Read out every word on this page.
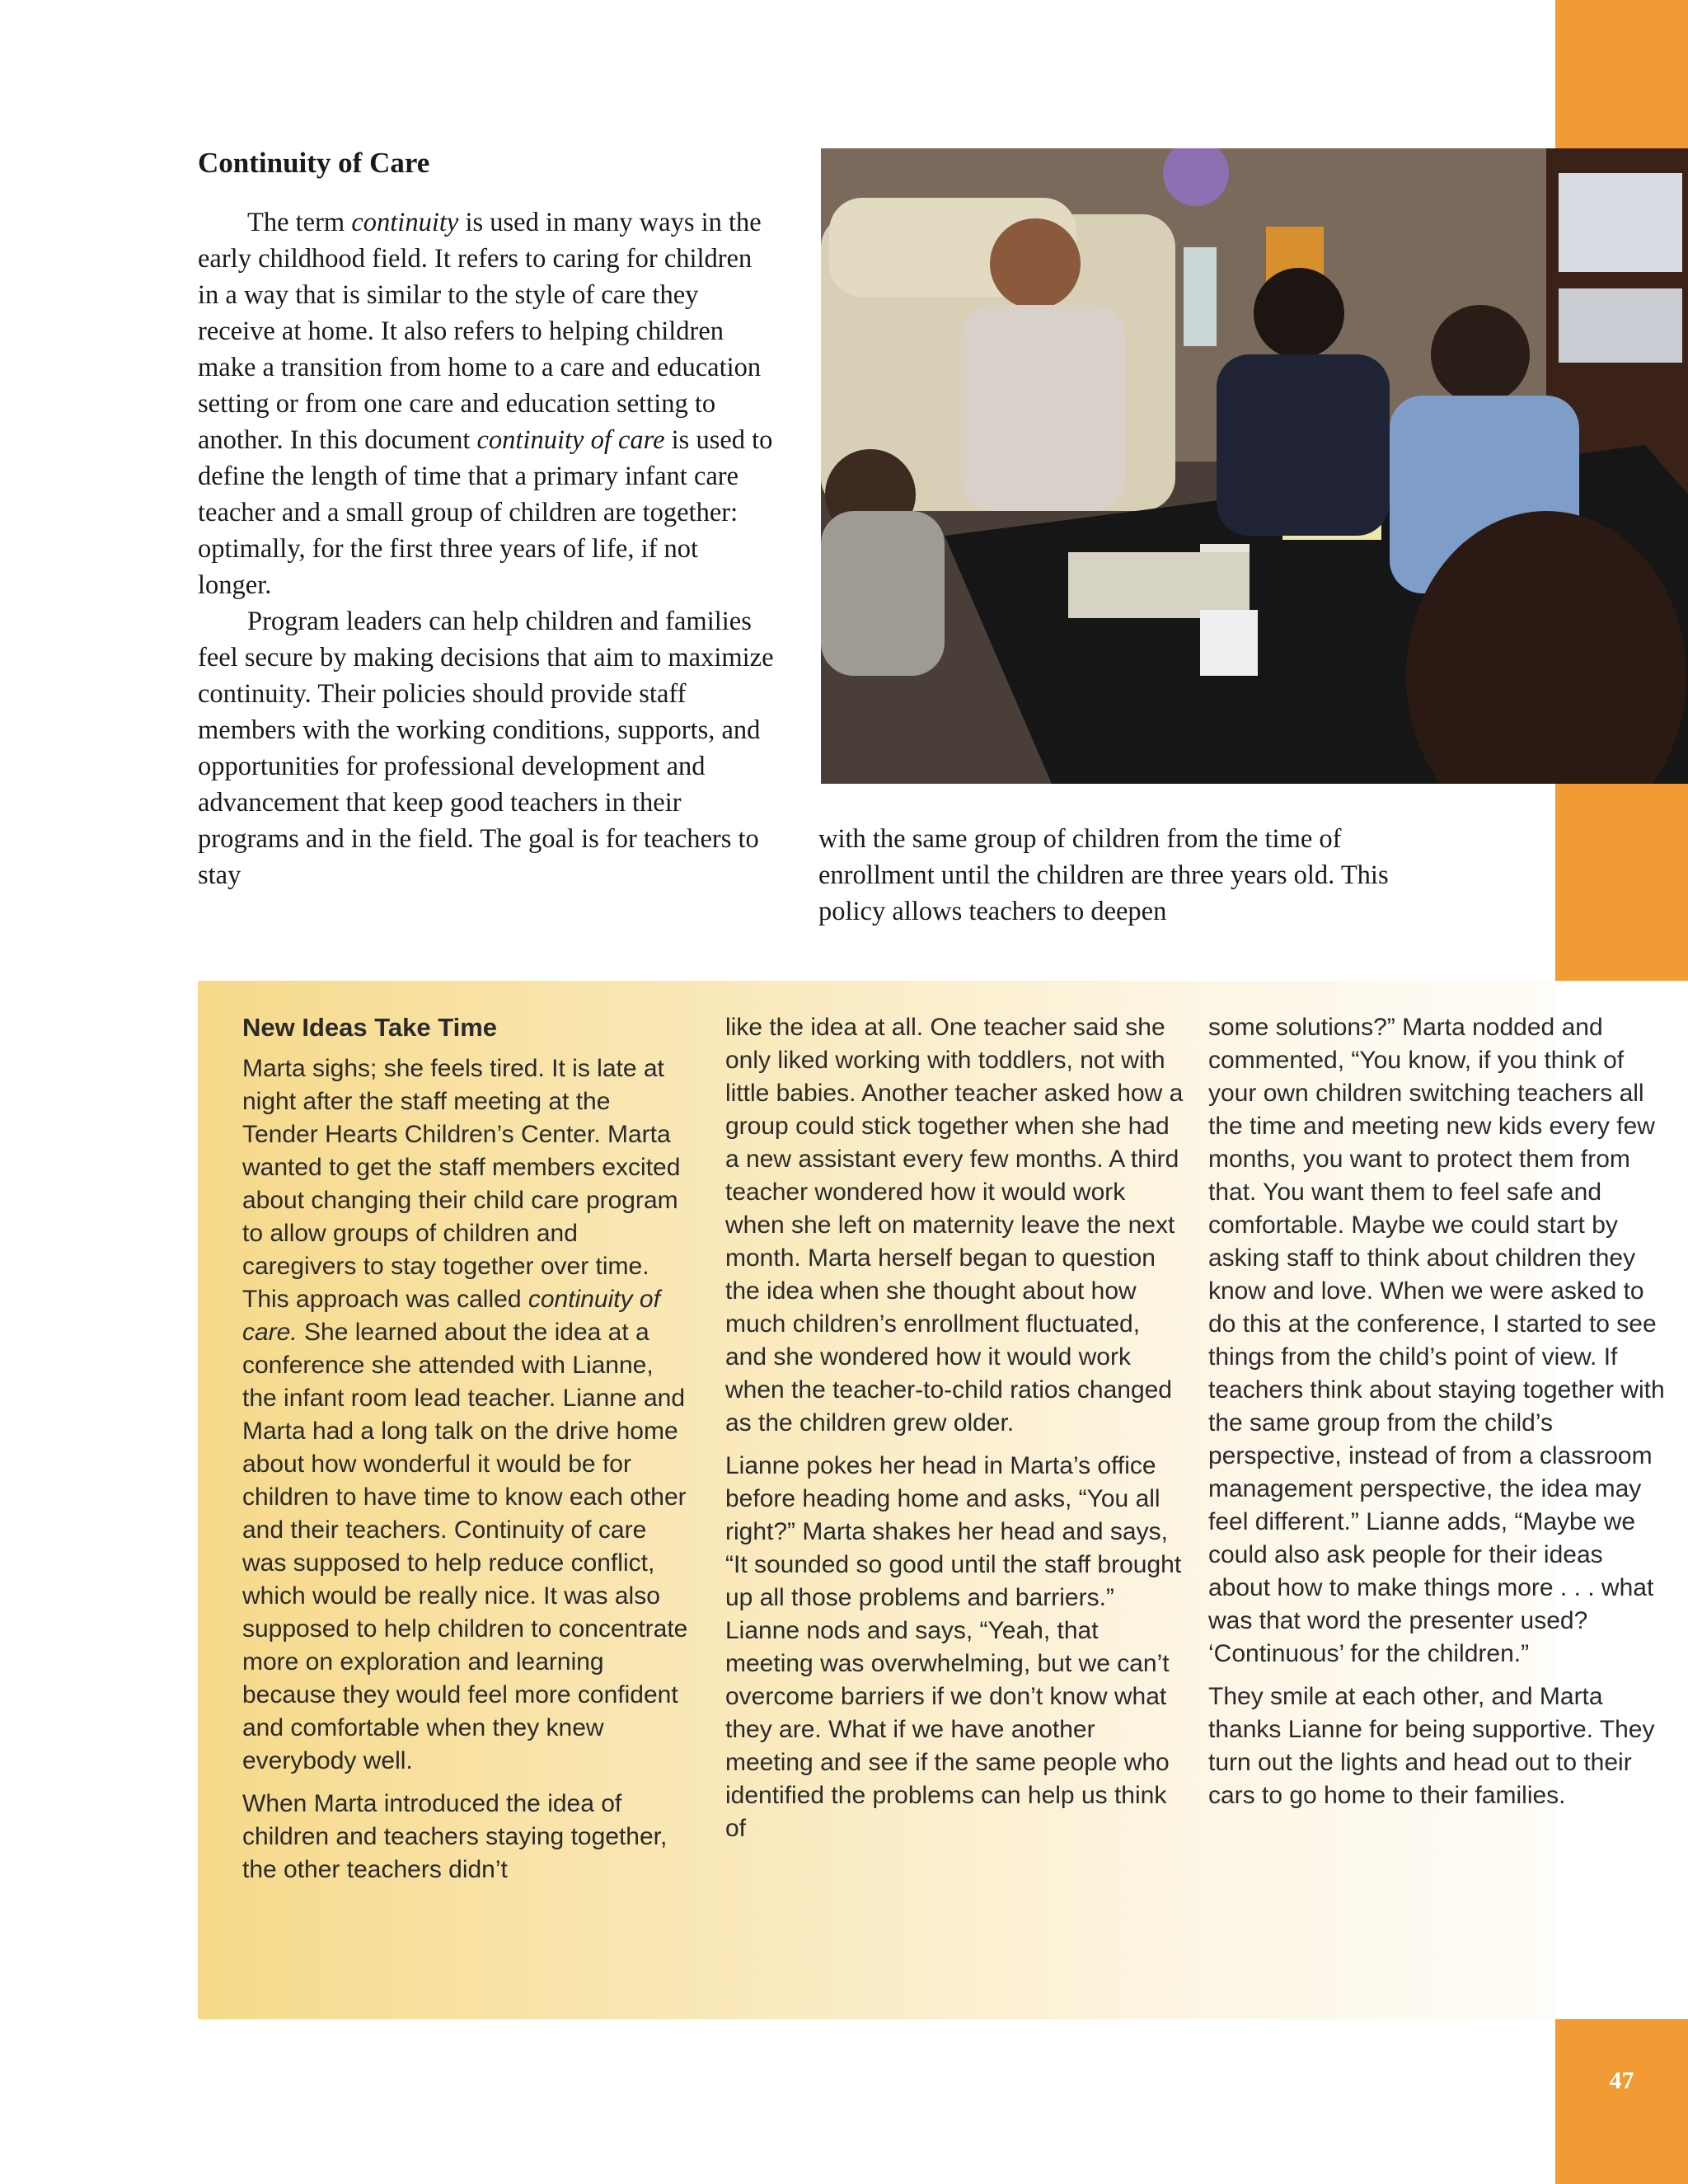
47
Continuity of Care

The term continuity is used in many ways in the early childhood field. It refers to caring for children in a way that is similar to the style of care they receive at home. It also refers to helping children make a transition from home to a care and education setting or from one care and education setting to another. In this document continuity of care is used to define the length of time that a primary infant care teacher and a small group of children are together: optimally, for the first three years of life, if not longer.

Program leaders can help children and families feel secure by making decisions that aim to maximize continuity. Their policies should provide staff members with the working conditions, supports, and opportunities for professional development and advancement that keep good teachers in their programs and in the field. The goal is for teachers to stay

with the same group of children from the time of enrollment until the children are three years old. This policy allows teachers to deepen

New Ideas Take Time

Marta sighs; she feels tired. It is late at night after the staff meeting at the Tender Hearts Children’s Center. Marta wanted to get the staff members excited about changing their child care program to allow groups of children and caregivers to stay together over time. This approach was called continuity of care. She learned about the idea at a conference she attended with Lianne, the infant room lead teacher. Lianne and Marta had a long talk on the drive home about how wonderful it would be for children to have time to know each other and their teachers. Continuity of care was supposed to help reduce conflict, which would be really nice. It was also supposed to help children to concentrate more on exploration and learning because they would feel more confident and comfortable when they knew everybody well.

When Marta introduced the idea of children and teachers staying together, the other teachers didn’t

like the idea at all. One teacher said she only liked working with toddlers, not with little babies. Another teacher asked how a group could stick together when she had a new assistant every few months. A third teacher wondered how it would work when she left on maternity leave the next month. Marta herself began to question the idea when she thought about how much children’s enrollment fluctuated, and she wondered how it would work when the teacher-to-child ratios changed as the children grew older.

Lianne pokes her head in Marta’s office before heading home and asks, “You all right?” Marta shakes her head and says, “It sounded so good until the staff brought up all those problems and barriers.” Lianne nods and says, “Yeah, that meeting was overwhelming, but we can’t overcome barriers if we don’t know what they are. What if we have another meeting and see if the same people who identified the problems can help us think of

some solutions?” Marta nodded and commented, “You know, if you think of your own children switching teachers all the time and meeting new kids every few months, you want to protect them from that. You want them to feel safe and comfortable. Maybe we could start by asking staff to think about children they know and love. When we were asked to do this at the conference, I started to see things from the child’s point of view. If teachers think about staying together with the same group from the child’s perspective, instead of from a classroom management perspective, the idea may feel different.” Lianne adds, “Maybe we could also ask people for their ideas about how to make things more . . . what was that word the presenter used? ‘Continuous’ for the children.”

They smile at each other, and Marta thanks Lianne for being supportive. They turn out the lights and head out to their cars to go home to their families.
